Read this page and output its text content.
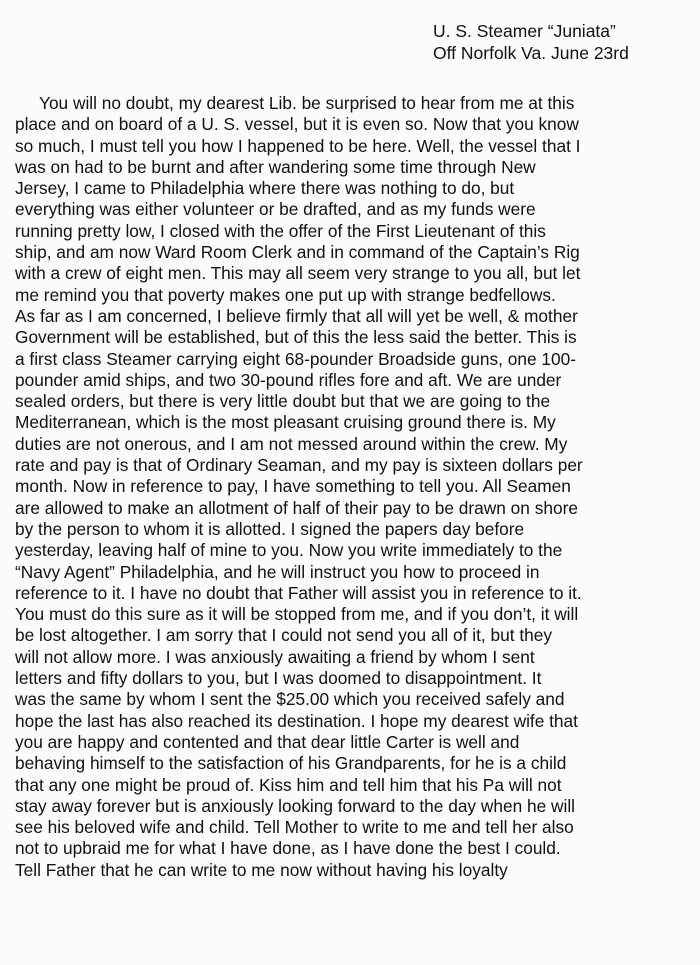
U. S. Steamer “Juniata”
Off Norfolk Va. June 23rd
You will no doubt, my dearest Lib. be surprised to hear from me at this
place and on board of a U. S. vessel, but it is even so. Now that you know
so much, I must tell you how I happened to be here. Well, the vessel that I
was on had to be burnt and after wandering some time through New
Jersey, I came to Philadelphia where there was nothing to do, but
everything was either volunteer or be drafted, and as my funds were
running pretty low, I closed with the offer of the First Lieutenant of this
ship, and am now Ward Room Clerk and in command of the Captain’s Rig
with a crew of eight men. This may all seem very strange to you all, but let
me remind you that poverty makes one put up with strange bedfellows.
As far as I am concerned, I believe firmly that all will yet be well, & mother
Government will be established, but of this the less said the better. This is
a first class Steamer carrying eight 68-pounder Broadside guns, one 100-
pounder amid ships, and two 30-pound rifles fore and aft. We are under
sealed orders, but there is very little doubt but that we are going to the
Mediterranean, which is the most pleasant cruising ground there is. My
duties are not onerous, and I am not messed around within the crew. My
rate and pay is that of Ordinary Seaman, and my pay is sixteen dollars per
month. Now in reference to pay, I have something to tell you. All Seamen
are allowed to make an allotment of half of their pay to be drawn on shore
by the person to whom it is allotted. I signed the papers day before
yesterday, leaving half of mine to you. Now you write immediately to the
“Navy Agent” Philadelphia, and he will instruct you how to proceed in
reference to it. I have no doubt that Father will assist you in reference to it.
You must do this sure as it will be stopped from me, and if you don’t, it will
be lost altogether. I am sorry that I could not send you all of it, but they
will not allow more. I was anxiously awaiting a friend by whom I sent
letters and fifty dollars to you, but I was doomed to disappointment. It
was the same by whom I sent the $25.00 which you received safely and
hope the last has also reached its destination. I hope my dearest wife that
you are happy and contented and that dear little Carter is well and
behaving himself to the satisfaction of his Grandparents, for he is a child
that any one might be proud of. Kiss him and tell him that his Pa will not
stay away forever but is anxiously looking forward to the day when he will
see his beloved wife and child. Tell Mother to write to me and tell her also
not to upbraid me for what I have done, as I have done the best I could.
Tell Father that he can write to me now without having his loyalty
